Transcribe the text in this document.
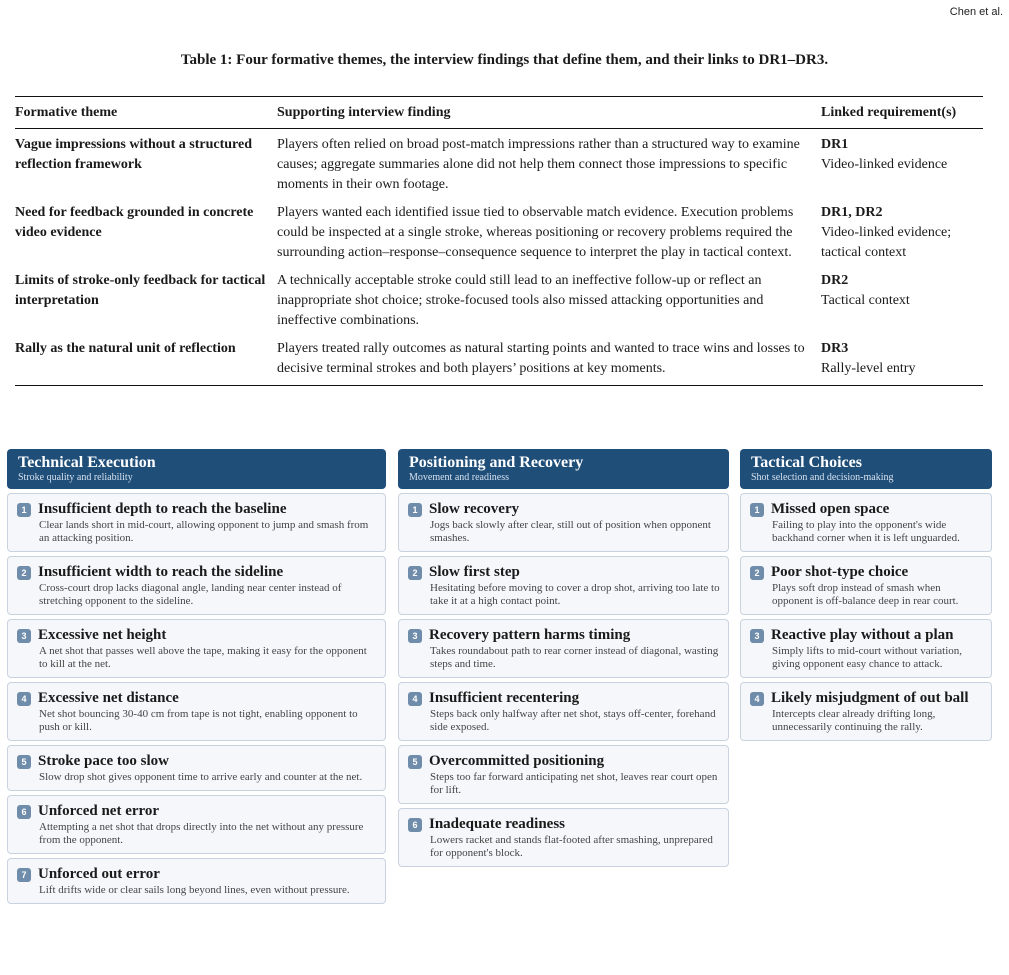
Chen et al.
Table 1: Four formative themes, the interview findings that define them, and their links to DR1–DR3.
Formative theme	Supporting interview finding	Linked requirement(s)
Vague impressions without a structured reflection framework	Players often relied on broad post-match impressions rather than a structured way to examine causes; aggregate summaries alone did not help them connect those impressions to specific moments in their own footage.	DR1
Video-linked evidence

Need for feedback grounded in concrete video evidence	Players wanted each identified issue tied to observable match evidence. Execution problems could be inspected at a single stroke, whereas positioning or recovery problems required the surrounding action–response–consequence sequence to interpret the play in tactical context.	DR1, DR2
Video-linked evidence; tactical context

Limits of stroke-only feedback for tactical interpretation	A technically acceptable stroke could still lead to an ineffective follow-up or reflect an inappropriate shot choice; stroke-focused tools also missed attacking opportunities and ineffective combinations.	DR2
Tactical context

Rally as the natural unit of reflection	Players treated rally outcomes as natural starting points and wanted to trace wins and losses to decisive terminal strokes and both players’ positions at key moments.	DR3
Rally-level entry
Technical Execution
Stroke quality and reliability
1 Insufficient depth to reach the baseline
Clear lands short in mid-court, allowing opponent to jump and smash from an attacking position.
2 Insufficient width to reach the sideline
Cross-court drop lacks diagonal angle, landing near center instead of stretching opponent to the sideline.
3 Excessive net height
A net shot that passes well above the tape, making it easy for the opponent to kill at the net.
4 Excessive net distance
Net shot bouncing 30-40 cm from tape is not tight, enabling opponent to push or kill.
5 Stroke pace too slow
Slow drop shot gives opponent time to arrive early and counter at the net.
6 Unforced net error
Attempting a net shot that drops directly into the net without any pressure from the opponent.
7 Unforced out error
Lift drifts wide or clear sails long beyond lines, even without pressure.
Positioning and Recovery
Movement and readiness
1 Slow recovery
Jogs back slowly after clear, still out of position when opponent smashes.
2 Slow first step
Hesitating before moving to cover a drop shot, arriving too late to take it at a high contact point.
3 Recovery pattern harms timing
Takes roundabout path to rear corner instead of diagonal, wasting steps and time.
4 Insufficient recentering
Steps back only halfway after net shot, stays off-center, forehand side exposed.
5 Overcommitted positioning
Steps too far forward anticipating net shot, leaves rear court open for lift.
6 Inadequate readiness
Lowers racket and stands flat-footed after smashing, unprepared for opponent's block.
Tactical Choices
Shot selection and decision-making
1 Missed open space
Failing to play into the opponent's wide backhand corner when it is left unguarded.
2 Poor shot-type choice
Plays soft drop instead of smash when opponent is off-balance deep in rear court.
3 Reactive play without a plan
Simply lifts to mid-court without variation, giving opponent easy chance to attack.
4 Likely misjudgment of out ball
Intercepts clear already drifting long, unnecessarily continuing the rally.
